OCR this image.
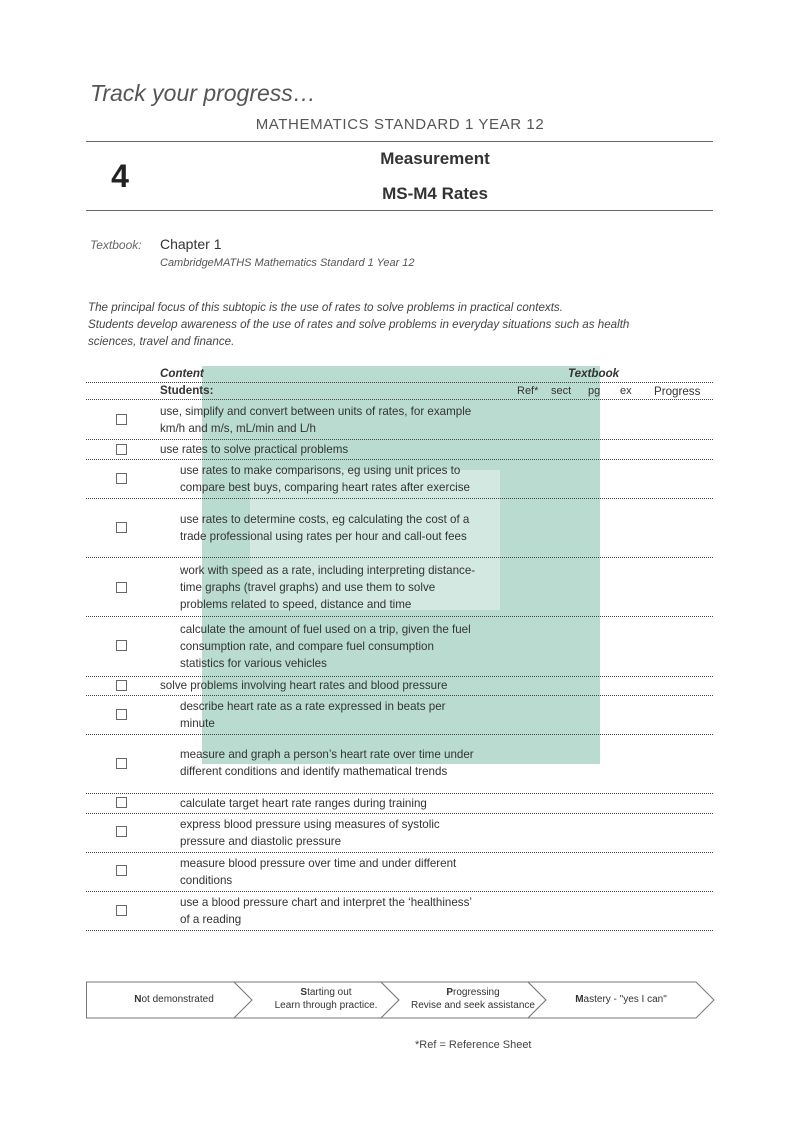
Track your progress…
MATHEMATICS STANDARD 1 YEAR 12
4	Measurement
MS-M4 Rates
Textbook: Chapter 1
CambridgeMATHS Mathematics Standard 1 Year 12
The principal focus of this subtopic is the use of rates to solve problems in practical contexts.
Students develop awareness of the use of rates and solve problems in everyday situations such as health
sciences, travel and finance.
Content	Textbook
Students:	Ref* sect pg ex Progress
use, simplify and convert between units of rates, for example
km/h and m/s, mL/min and L/h
use rates to solve practical problems
use rates to make comparisons, eg using unit prices to
compare best buys, comparing heart rates after exercise
use rates to determine costs, eg calculating the cost of a
trade professional using rates per hour and call-out fees
work with speed as a rate, including interpreting distance-
time graphs (travel graphs) and use them to solve
problems related to speed, distance and time
calculate the amount of fuel used on a trip, given the fuel
consumption rate, and compare fuel consumption
statistics for various vehicles
solve problems involving heart rates and blood pressure
describe heart rate as a rate expressed in beats per
minute
measure and graph a person’s heart rate over time under
different conditions and identify mathematical trends
calculate target heart rate ranges during training
express blood pressure using measures of systolic
pressure and diastolic pressure
measure blood pressure over time and under different
conditions
use a blood pressure chart and interpret the ‘healthiness’
of a reading
Not demonstrated
Starting out
Learn through practice.
Progressing
Revise and seek assistance
Mastery - "yes I can"
*Ref = Reference Sheet
